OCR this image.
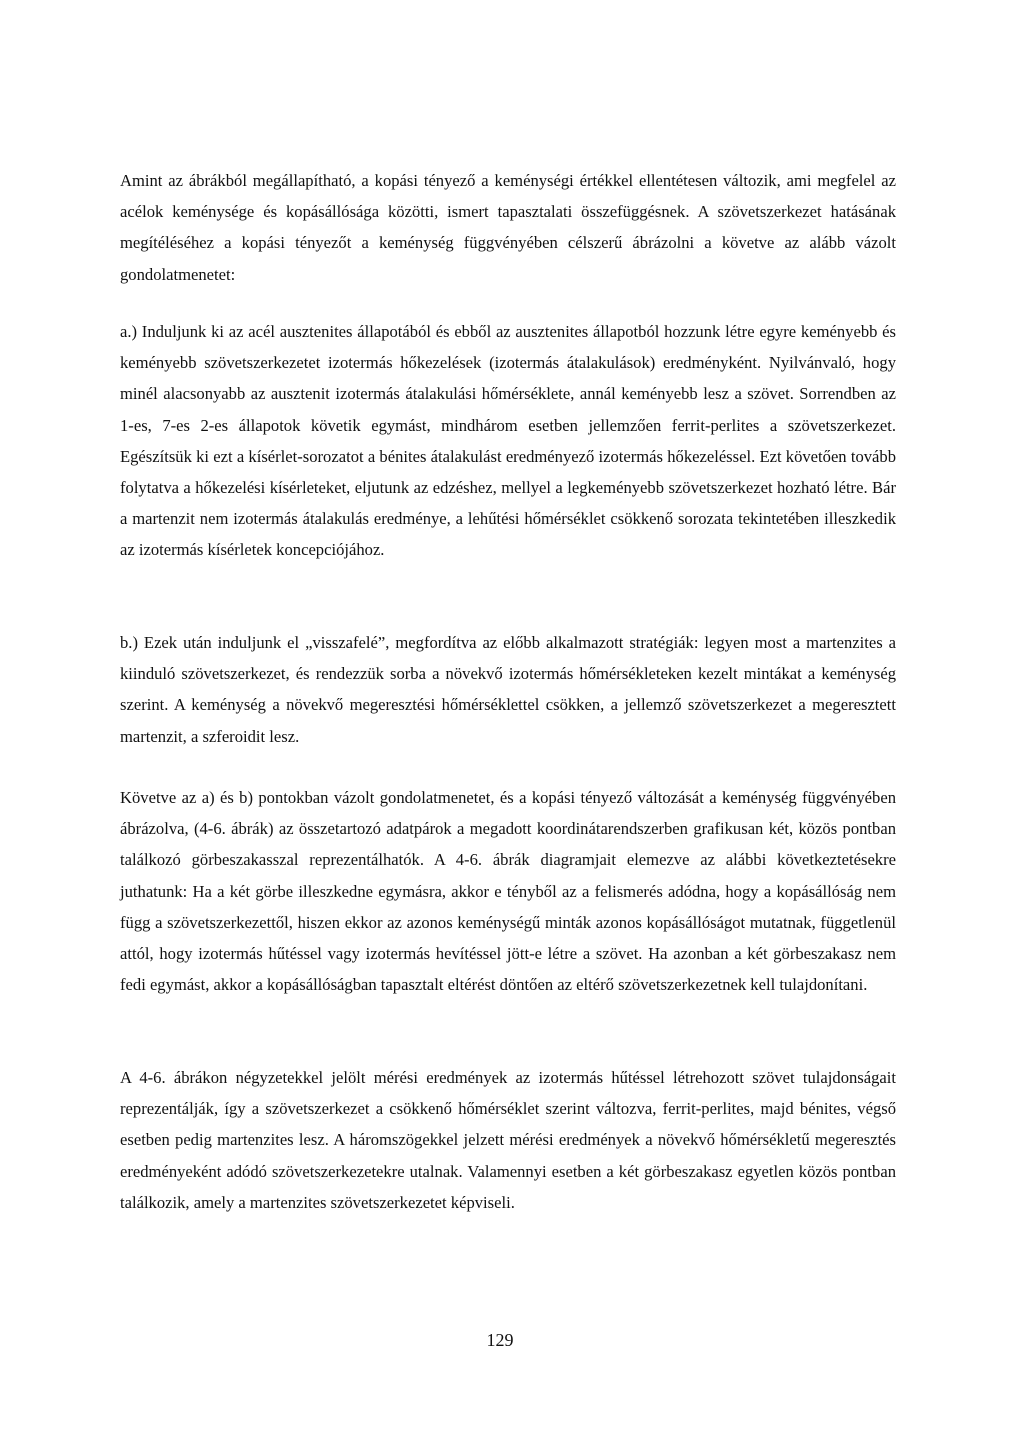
Amint az ábrákból megállapítható, a kopási tényező a keménységi értékkel ellentétesen változik, ami megfelel az acélok keménysége és kopásállósága közötti, ismert tapasztalati összefüggésnek. A szövetszerkezet hatásának megítéléséhez a kopási tényezőt a keménység függvényében célszerű ábrázolni a követve az alább vázolt gondolatmenetet:

a.) Induljunk ki az acél ausztenites állapotából és ebből az ausztenites állapotból hozzunk létre egyre keményebb és keményebb szövetszerkezetet izotermás hőkezelések (izotermás átalakulások) eredményként. Nyilvánvaló, hogy minél alacsonyabb az ausztenit izotermás átalakulási hőmérséklete, annál keményebb lesz a szövet. Sorrendben az 1-es, 7-es 2-es állapotok követik egymást, mindhárom esetben jellemzően ferrit-perlites a szövetszerkezet. Egészítsük ki ezt a kísérlet-sorozatot a bénites átalakulást eredményező izotermás hőkezeléssel. Ezt követően tovább folytatva a hőkezelési kísérleteket, eljutunk az edzéshez, mellyel a legkeményebb szövetszerkezet hozható létre. Bár a martenzit nem izotermás átalakulás eredménye, a lehűtési hőmérséklet csökkenő sorozata tekintetében illeszkedik az izotermás kísérletek koncepciójához.

b.) Ezek után induljunk el „visszafelé”, megfordítva az előbb alkalmazott stratégiák: legyen most a martenzites a kiinduló szövetszerkezet, és rendezzük sorba a növekvő izotermás hőmérsékleteken kezelt mintákat a keménység szerint. A keménység a növekvő megeresztési hőmérséklettel csökken, a jellemző szövetszerkezet a megeresztett martenzit, a szferoidit lesz.

Követve az a) és b) pontokban vázolt gondolatmenetet, és a kopási tényező változását a keménység függvényében ábrázolva, (4-6. ábrák) az összetartozó adatpárok a megadott koordinátarendszerben grafikusan két, közös pontban találkozó görbeszakasszal reprezentálhatók. A 4-6. ábrák diagramjait elemezve az alábbi következtetésekre juthatunk: Ha a két görbe illeszkedne egymásra, akkor e tényből az a felismerés adódna, hogy a kopásállóság nem függ a szövetszerkezettől, hiszen ekkor az azonos keménységű minták azonos kopásállóságot mutatnak, függetlenül attól, hogy izotermás hűtéssel vagy izotermás hevítéssel jött-e létre a szövet. Ha azonban a két görbeszakasz nem fedi egymást, akkor a kopásállóságban tapasztalt eltérést döntően az eltérő szövetszerkezetnek kell tulajdonítani.

A 4-6. ábrákon négyzetekkel jelölt mérési eredmények az izotermás hűtéssel létrehozott szövet tulajdonságait reprezentálják, így a szövetszerkezet a csökkenő hőmérséklet szerint változva, ferrit-perlites, majd bénites, végső esetben pedig martenzites lesz. A háromszögekkel jelzett mérési eredmények a növekvő hőmérsékletű megeresztés eredményeként adódó szövetszerkezetekre utalnak. Valamennyi esetben a két görbeszakasz egyetlen közös pontban találkozik, amely a martenzites szövetszerkezetet képviseli.

129
